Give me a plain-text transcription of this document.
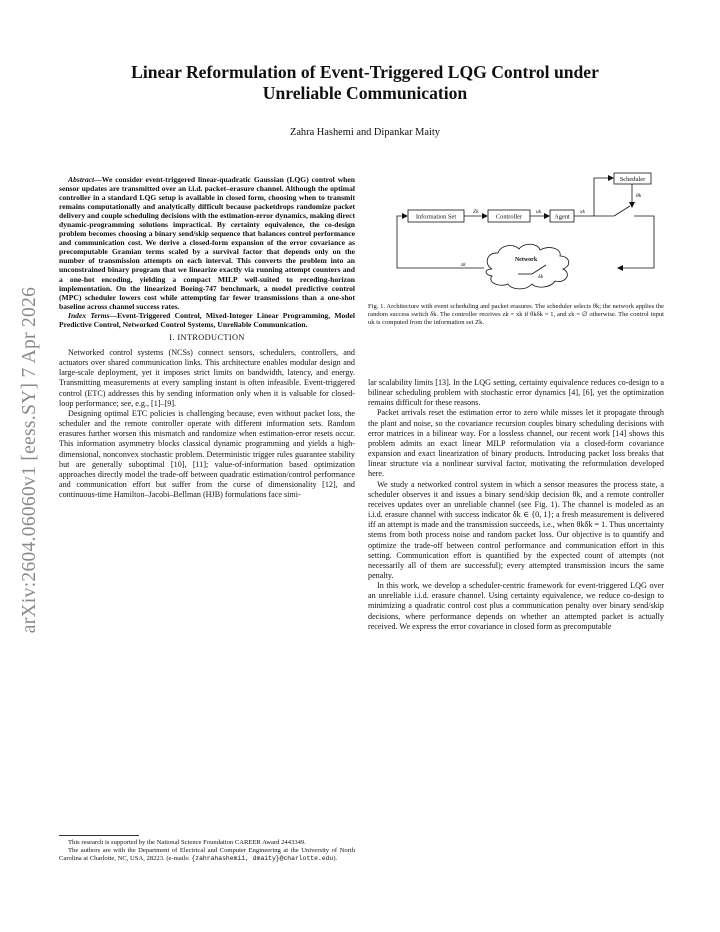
arXiv:2604.06060v1 [eess.SY] 7 Apr 2026
Linear Reformulation of Event-Triggered LQG Control under
Unreliable Communication
Zahra Hashemi and Dipankar Maity

Abstract—We consider event-triggered linear-quadratic Gaussian (LQG) control when sensor updates are transmitted over an i.i.d. packet–erasure channel. Although the optimal controller in a standard LQG setup is available in closed form, choosing when to transmit remains computationally and analytically difficult because packetdrops randomize packet delivery and couple scheduling decisions with the estimation-error dynamics, making direct dynamic-programming solutions impractical. By certainty equivalence, the co-design problem becomes choosing a binary send/skip sequence that balances control performance and communication cost. We derive a closed-form expansion of the error covariance as precomputable Gramian terms scaled by a survival factor that depends only on the number of transmission attempts on each interval. This converts the problem into an unconstrained binary program that we linearize exactly via running attempt counters and a one-hot encoding, yielding a compact MILP well-suited to receding-horizon implementation. On the linearized Boeing-747 benchmark, a model predictive control (MPC) scheduler lowers cost while attempting far fewer transmissions than a one-shot baseline across channel success rates.

Index Terms—Event-Triggered Control, Mixed-Integer Linear Programming, Model Predictive Control, Networked Control Systems, Unreliable Communication.

I. INTRODUCTION

Networked control systems (NCSs) connect sensors, schedulers, controllers, and actuators over shared communication links. This architecture enables modular design and large-scale deployment, yet it imposes strict limits on bandwidth, latency, and energy. Transmitting measurements at every sampling instant is often infeasible. Event-triggered control (ETC) addresses this by sending information only when it is valuable for closed-loop performance; see, e.g., [1]–[9].

Designing optimal ETC policies is challenging because, even without packet loss, the scheduler and the remote controller operate with different information sets. Random erasures further worsen this mismatch and randomize when estimation-error resets occur. This information asymmetry blocks classical dynamic programming and yields a high-dimensional, nonconvex stochastic problem. Deterministic trigger rules guarantee stability but are generally suboptimal [10], [11]; value-of-information based optimization approaches directly model the trade-off between quadratic estimation/control performance and communication effort but suffer from the curse of dimensionality [12], and continuous-time Hamilton–Jacobi–Bellman (HJB) formulations face simi-

This research is supported by the National Science Foundation CAREER Award 2443349.

The authors are with the Department of Electrical and Computer Engineering at the University of North Carolina at Charlotte, NC, USA, 28223. (e-mails: {zahrahashemi1, dmaity}@charlotte.edu).

Scheduler
Information Set	Controller	Agent
Network
θk
Zk	uk	xk
zk
δk
Fig. 1. Architecture with event scheduling and packet erasures. The scheduler selects θk; the network applies the random success switch δk. The controller receives zk = xk if θkδk = 1, and zk = ∅ otherwise. The control input uk is computed from the information set Zk.

lar scalability limits [13]. In the LQG setting, certainty equivalence reduces co-design to a bilinear scheduling problem with stochastic error dynamics [4], [6], yet the optimization remains difficult for these reasons.

Packet arrivals reset the estimation error to zero while misses let it propagate through the plant and noise, so the covariance recursion couples binary scheduling decisions with error matrices in a bilinear way. For a lossless channel, our recent work [14] shows this problem admits an exact linear MILP reformulation via a closed-form covariance expansion and exact linearization of binary products. Introducing packet loss breaks that linear structure via a nonlinear survival factor, motivating the reformulation developed here.

We study a networked control system in which a sensor measures the process state, a scheduler observes it and issues a binary send/skip decision θk, and a remote controller receives updates over an unreliable channel (see Fig. 1). The channel is modeled as an i.i.d. erasure channel with success indicator δk ∈ {0, 1}; a fresh measurement is delivered iff an attempt is made and the transmission succeeds, i.e., when θkδk = 1. Thus uncertainty stems from both process noise and random packet loss. Our objective is to quantify and optimize the trade-off between control performance and communication effort in this setting. Communication effort is quantified by the expected count of attempts (not necessarily all of them are successful); every attempted transmission incurs the same penalty.

In this work, we develop a scheduler-centric framework for event-triggered LQG over an unreliable i.i.d. erasure channel. Using certainty equivalence, we reduce co-design to minimizing a quadratic control cost plus a communication penalty over binary send/skip decisions, where performance depends on whether an attempted packet is actually received. We express the error covariance in closed form as precomputable
